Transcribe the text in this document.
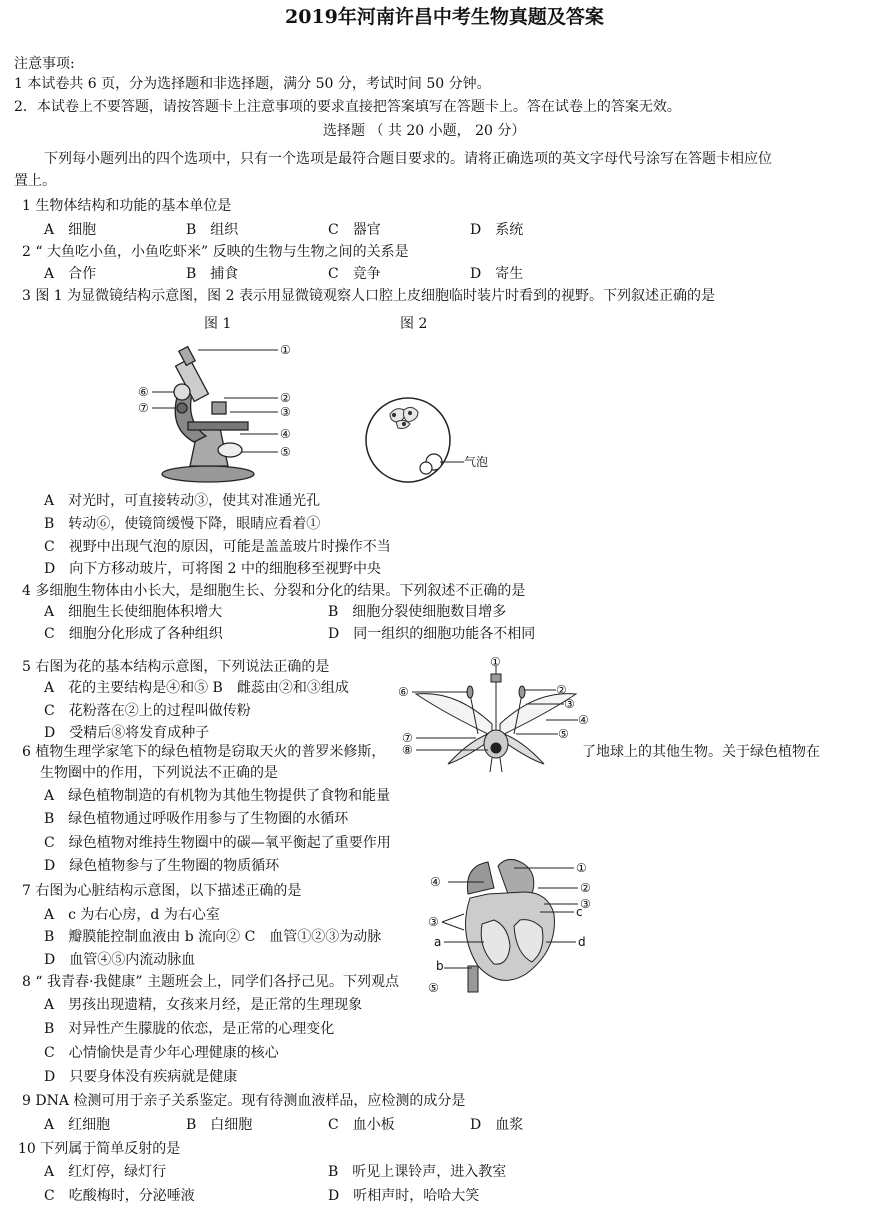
2019年河南许昌中考生物真题及答案
注意事项:
1 本试卷共 6 页，分为选择题和非选择题，满分 50 分，考试时间 50 分钟。
2．本试卷上不要答题，请按答题卡上注意事项的要求直接把答案填写在答题卡上。答在试卷上的答案无效。
选择题 （ 共 20 小题， 20 分）
下列每小题列出的四个选项中，只有一个选项是最符合题目要求的。请将正确选项的英文字母代号涂写在答题卡相应位
置上。
1 生物体结构和功能的基本单位是
A　细胞	B　组织	C　器官	D　系统
2 “ 大鱼吃小鱼，小鱼吃虾米” 反映的生物与生物之间的关系是
A　合作	B　捕食	C　竞争	D　寄生
3 图 1 为显微镜结构示意图，图 2 表示用显微镜观察人口腔上皮细胞临时装片时看到的视野。下列叙述正确的是
图 1	图 2
①
②
③
④
⑤
⑥
⑦
气泡
A　对光时，可直接转动③，使其对准通光孔
B　转动⑥，使镜筒缓慢下降，眼睛应看着①
C　视野中出现气泡的原因，可能是盖盖玻片时操作不当
D　向下方移动玻片，可将图 2 中的细胞移至视野中央
4 多细胞生物体由小长大，是细胞生长、分裂和分化的结果。下列叙述不正确的是
A　细胞生长使细胞体积增大	B　细胞分裂使细胞数目增多
C　细胞分化形成了各种组织	D　同一组织的细胞功能各不相同
5 右图为花的基本结构示意图，下列说法正确的是
A　花的主要结构是④和⑤ B　雌蕊由②和③组成
C　花粉落在②上的过程叫做传粉
D　受精后⑧将发育成种子
①
②
③
④
⑤
⑥
⑦
⑧
6 植物生理学家笔下的绿色植物是窃取天火的普罗米修斯，	了地球上的其他生物。关于绿色植物在
生物圈中的作用，下列说法不正确的是
A　绿色植物制造的有机物为其他生物提供了食物和能量
B　绿色植物通过呼吸作用参与了生物圈的水循环
C　绿色植物对维持生物圈中的碳—氧平衡起了重要作用
D　绿色植物参与了生物圈的物质循环	①
②
③
③
④
⑤
a
b
c
d
7 右图为心脏结构示意图，以下描述正确的是
A　c 为右心房，d 为右心室
B　瓣膜能控制血液由 b 流向② C　血管①②③为动脉
D　血管④⑤内流动脉血
8 “ 我青春·我健康” 主题班会上，同学们各抒己见。下列观点
A　男孩出现遗精，女孩来月经，是正常的生理现象
B　对异性产生朦胧的依恋，是正常的心理变化
C　心情愉快是青少年心理健康的核心
D　只要身体没有疾病就是健康
9 DNA 检测可用于亲子关系鉴定。现有待测血液样品，应检测的成分是
A　红细胞	B　白细胞	C　血小板	D　血浆
10 下列属于简单反射的是
A　红灯停，绿灯行	B　听见上课铃声，进入教室
C　吃酸梅时，分泌唾液	D　听相声时，哈哈大笑
